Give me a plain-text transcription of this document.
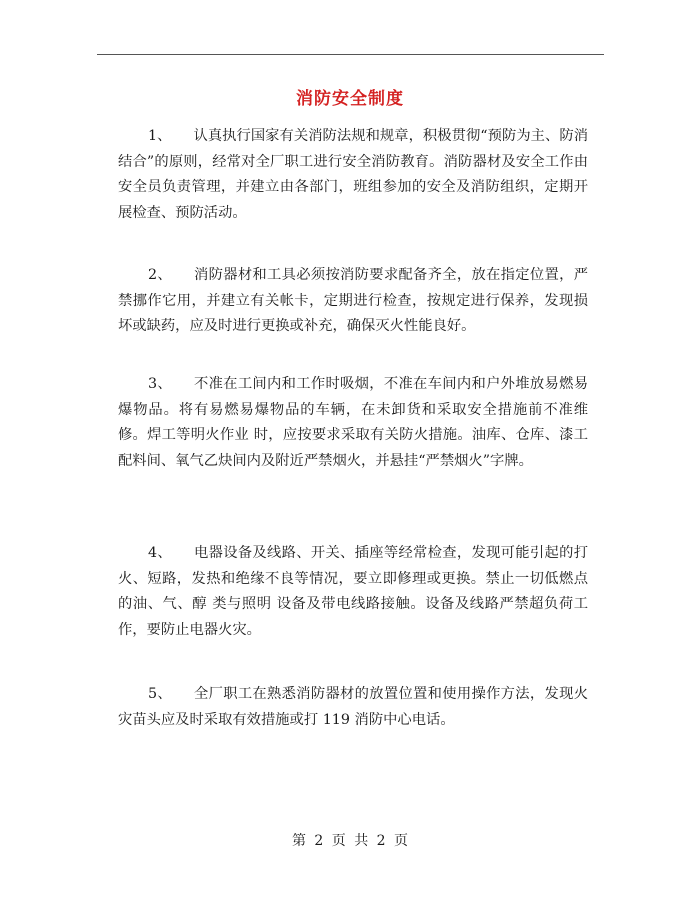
消防安全制度

1、 认真执行国家有关消防法规和规章，积极贯彻“预防为主、防消结合”的原则，经常对全厂职工进行安全消防教育。消防器材及安全工作由安全员负责管理，并建立由各部门，班组参加的安全及消防组织，定期开展检查、预防活动。

2、 消防器材和工具必须按消防要求配备齐全，放在指定位置，严禁挪作它用，并建立有关帐卡，定期进行检查，按规定进行保养，发现损坏或缺药，应及时进行更换或补充，确保灭火性能良好。

3、 不准在工间内和工作时吸烟，不准在车间内和户外堆放易燃易爆物品。将有易燃易爆物品的车辆，在未卸货和采取安全措施前不准维修。焊工等明火作业 时，应按要求采取有关防火措施。油库、仓库、漆工配料间、氧气乙炔间内及附近严禁烟火，并悬挂“严禁烟火”字牌。

4、 电器设备及线路、开关、插座等经常检查，发现可能引起的打火、短路，发热和绝缘不良等情况，要立即修理或更换。禁止一切低燃点的油、气、醇 类与照明 设备及带电线路接触。设备及线路严禁超负荷工作，要防止电器火灾。

5、 全厂职工在熟悉消防器材的放置位置和使用操作方法，发现火灾苗头应及时采取有效措施或打 119 消防中心电话。

第 2 页 共 2 页
